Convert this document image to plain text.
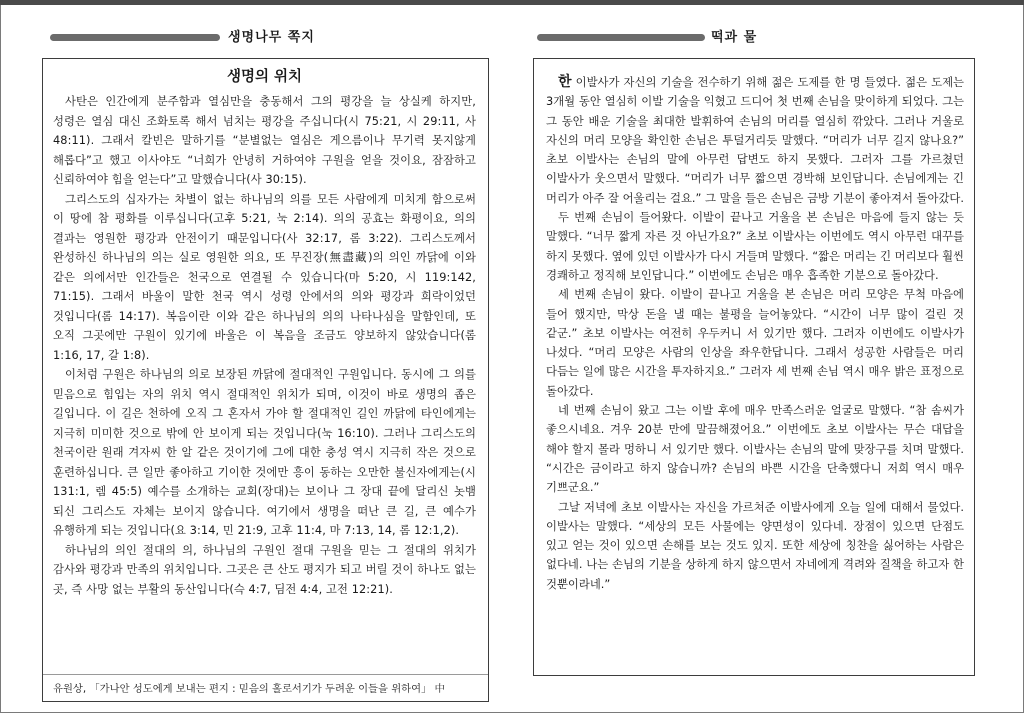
생명나무 쪽지
생명의 위치

사탄은 인간에게 분주함과 열심만을 충동해서 그의 평강을 늘 상실케 하지만, 성령은 열심 대신 조화토록 해서 넘치는 평강을 주십니다(시 75:21, 시 29:11, 사 48:11). 그래서 칼빈은 말하기를 “분별없는 열심은 게으름이나 무기력 못지않게 해롭다”고 했고 이사야도 “너희가 안녕히 거하여야 구원을 얻을 것이요, 잠잠하고 신뢰하여야 힘을 얻는다”고 말했습니다(사 30:15).

그리스도의 십자가는 차별이 없는 하나님의 의를 모든 사람에게 미치게 함으로써 이 땅에 참 평화를 이루십니다(고후 5:21, 눅 2:14). 의의 공효는 화평이요, 의의 결과는 영원한 평강과 안전이기 때문입니다(사 32:17, 롬 3:22). 그리스도께서 완성하신 하나님의 의는 실로 영원한 의요, 또 무진장(無盡藏)의 의인 까닭에 이와 같은 의에서만 인간들은 천국으로 연결될 수 있습니다(마 5:20, 시 119:142, 71:15). 그래서 바울이 말한 천국 역시 성령 안에서의 의와 평강과 희락이었던 것입니다(롬 14:17). 복음이란 이와 같은 하나님의 의의 나타나심을 말함인데, 또 오직 그곳에만 구원이 있기에 바울은 이 복음을 조금도 양보하지 않았습니다(롬 1:16, 17, 갈 1:8).

이처럼 구원은 하나님의 의로 보장된 까닭에 절대적인 구원입니다. 동시에 그 의를 믿음으로 힘입는 자의 위치 역시 절대적인 위치가 되며, 이것이 바로 생명의 좁은 길입니다. 이 길은 천하에 오직 그 혼자서 가야 할 절대적인 길인 까닭에 타인에게는 지극히 미미한 것으로 밖에 안 보이게 되는 것입니다(눅 16:10). 그러나 그리스도의 천국이란 원래 겨자씨 한 알 같은 것이기에 그에 대한 충성 역시 지극히 작은 것으로 훈련하십니다. 큰 일만 좋아하고 기이한 것에만 흥이 동하는 오만한 불신자에게는(시 131:1, 렘 45:5) 예수를 소개하는 교회(장대)는 보이나 그 장대 끝에 달리신 놋뱀 되신 그리스도 자체는 보이지 않습니다. 여기에서 생명을 떠난 큰 길, 큰 예수가 유행하게 되는 것입니다(요 3:14, 민 21:9, 고후 11:4, 마 7:13, 14, 롬 12:1,2).

하나님의 의인 절대의 의, 하나님의 구원인 절대 구원을 믿는 그 절대의 위치가 감사와 평강과 만족의 위치입니다. 그곳은 큰 산도 평지가 되고 버릴 것이 하나도 없는 곳, 즉 사망 없는 부활의 동산입니다(슥 4:7, 딤전 4:4, 고전 12:21).

유원상, 「가나안 성도에게 보내는 편지 : 믿음의 홀로서기가 두려운 이들을 위하여」 中
떡과 물

한 이발사가 자신의 기술을 전수하기 위해 젊은 도제를 한 명 들였다. 젊은 도제는 3개월 동안 열심히 이발 기술을 익혔고 드디어 첫 번째 손님을 맞이하게 되었다. 그는 그 동안 배운 기술을 최대한 발휘하여 손님의 머리를 열심히 깎았다. 그러나 거울로 자신의 머리 모양을 확인한 손님은 투덜거리듯 말했다. “머리가 너무 길지 않나요?” 초보 이발사는 손님의 말에 아무런 답변도 하지 못했다. 그러자 그를 가르쳤던 이발사가 웃으면서 말했다. “머리가 너무 짧으면 경박해 보인답니다. 손님에게는 긴 머리가 아주 잘 어울리는 걸요.” 그 말을 들은 손님은 금방 기분이 좋아져서 돌아갔다.

두 번째 손님이 들어왔다. 이발이 끝나고 거울을 본 손님은 마음에 들지 않는 듯 말했다. “너무 짧게 자른 것 아닌가요?” 초보 이발사는 이번에도 역시 아무런 대꾸를 하지 못했다. 옆에 있던 이발사가 다시 거들며 말했다. “짧은 머리는 긴 머리보다 훨씬 경쾌하고 정직해 보인답니다.” 이번에도 손님은 매우 흡족한 기분으로 돌아갔다.

세 번째 손님이 왔다. 이발이 끝나고 거울을 본 손님은 머리 모양은 무척 마음에 들어 했지만, 막상 돈을 낼 때는 불평을 늘어놓았다. “시간이 너무 많이 걸린 것 같군.” 초보 이발사는 여전히 우두커니 서 있기만 했다. 그러자 이번에도 이발사가 나섰다. “머리 모양은 사람의 인상을 좌우한답니다. 그래서 성공한 사람들은 머리 다듬는 일에 많은 시간을 투자하지요.” 그러자 세 번째 손님 역시 매우 밝은 표정으로 돌아갔다.

네 번째 손님이 왔고 그는 이발 후에 매우 만족스러운 얼굴로 말했다. “참 솜씨가 좋으시네요. 겨우 20분 만에 말끔해졌어요.” 이번에도 초보 이발사는 무슨 대답을 해야 할지 몰라 멍하니 서 있기만 했다. 이발사는 손님의 말에 맞장구를 치며 말했다. “시간은 금이라고 하지 않습니까? 손님의 바쁜 시간을 단축했다니 저희 역시 매우 기쁘군요.”

그날 저녁에 초보 이발사는 자신을 가르쳐준 이발사에게 오늘 일에 대해서 물었다. 이발사는 말했다. “세상의 모든 사물에는 양면성이 있다네. 장점이 있으면 단점도 있고 얻는 것이 있으면 손해를 보는 것도 있지. 또한 세상에 칭찬을 싫어하는 사람은 없다네. 나는 손님의 기분을 상하게 하지 않으면서 자네에게 격려와 질책을 하고자 한 것뿐이라네.”
